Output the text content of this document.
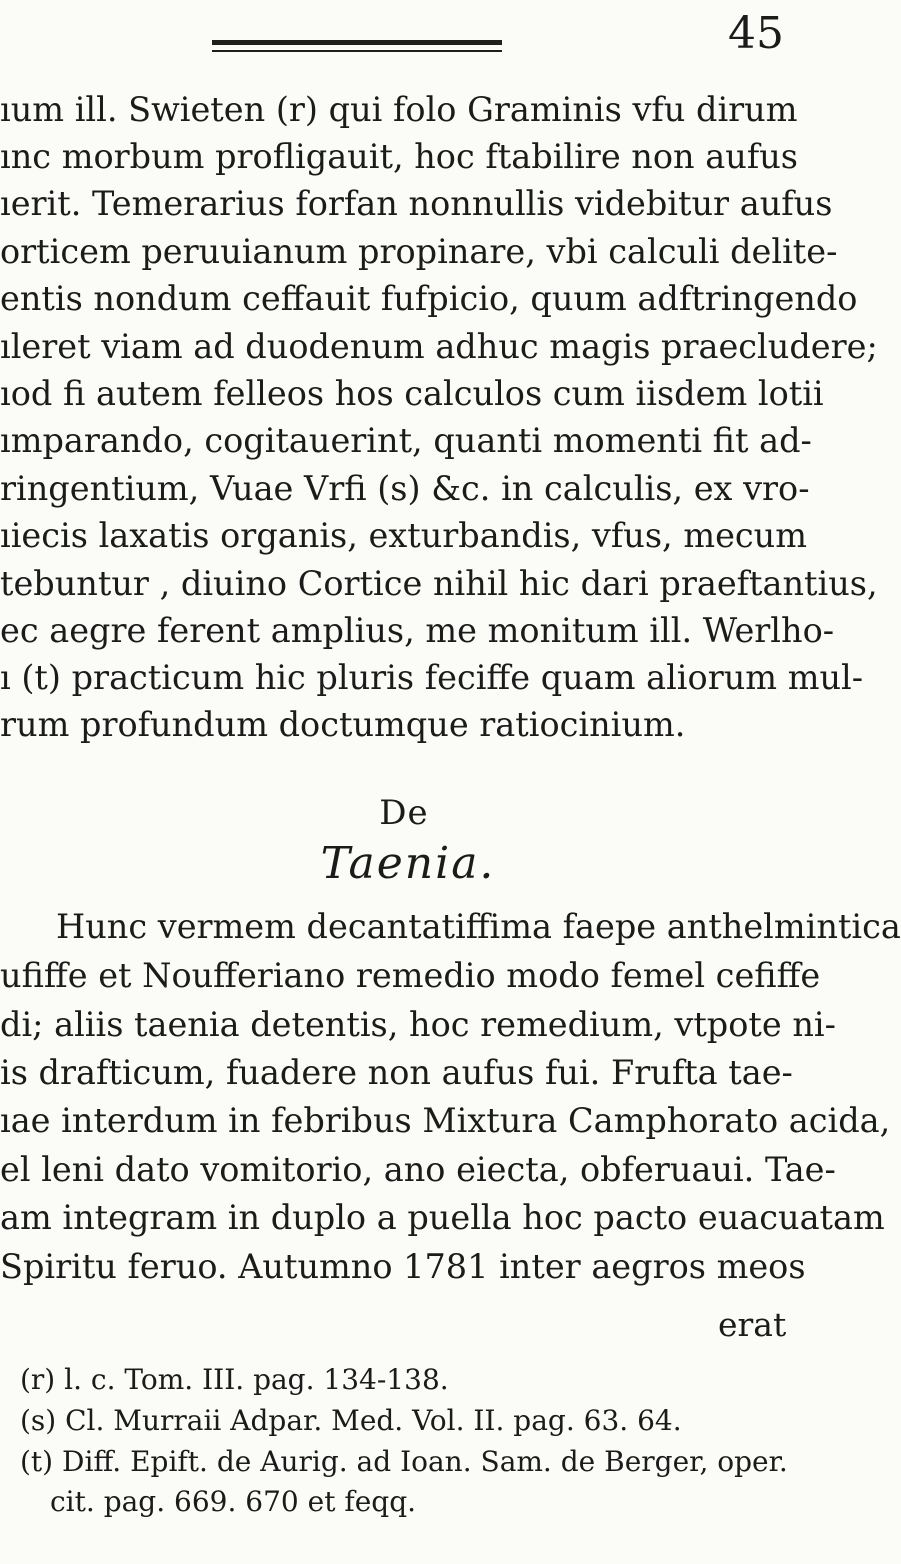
45
ıum ill. Swieten (r) qui folo Graminis vfu dirum
ınc morbum profligauit, hoc ftabilire non aufus
ıerit. Temerarius forfan nonnullis videbitur aufus
orticem peruuianum propinare, vbi calculi delite-
entis nondum ceffauit fufpicio, quum adftringendo
ıleret viam ad duodenum adhuc magis praecludere;
ıod fi autem felleos hos calculos cum iisdem lotii
ımparando, cogitauerint, quanti momenti fit ad-
ringentium, Vuae Vrfi (s) &c. in calculis, ex vro-
ıiecis laxatis organis, exturbandis, vfus, mecum
tebuntur , diuino Cortice nihil hic dari praeftantius,
ec aegre ferent amplius, me monitum ill. Werlho-
ı (t) practicum hic pluris feciffe quam aliorum mul-
rum profundum doctumque ratiocinium.
De
Taenia.
Hunc vermem decantatiffima faepe anthelmintica
ufiffe et Noufferiano remedio modo femel cefiffe
di; aliis taenia detentis, hoc remedium, vtpote ni-
is drafticum, fuadere non aufus fui. Frufta tae-
ıae interdum in febribus Mixtura Camphorato acida,
el leni dato vomitorio, ano eiecta, obferuaui. Tae-
am integram in duplo a puella hoc pacto euacuatam
Spiritu feruo. Autumno 1781 inter aegros meos
erat
(r) l. c. Tom. III. pag. 134-138.
(s) Cl. Murraii Adpar. Med. Vol. II. pag. 63. 64.
(t) Diff. Epift. de Aurig. ad Ioan. Sam. de Berger, oper.
cit. pag. 669. 670 et feqq.
